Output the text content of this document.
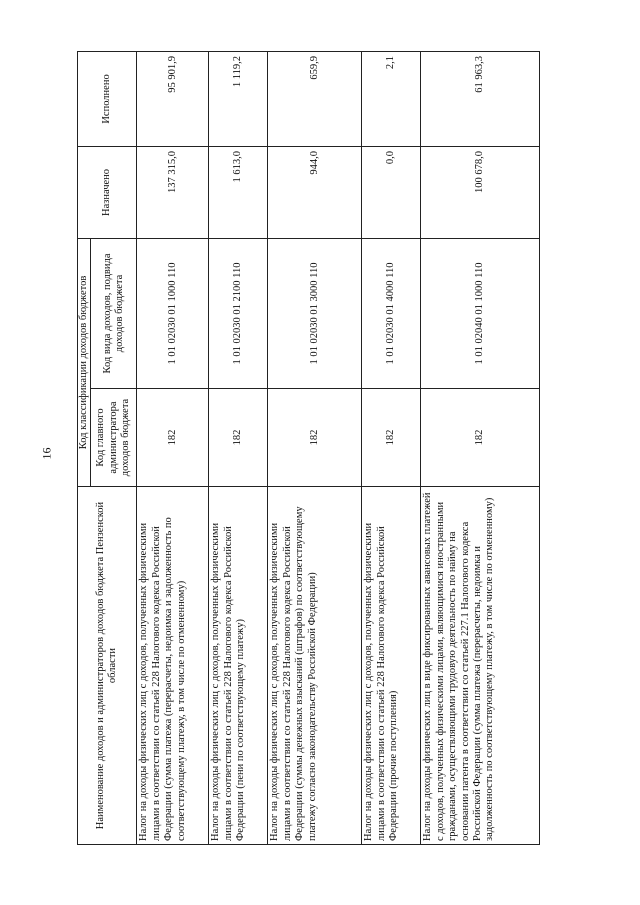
16
Наименование доходов и администраторов доходов бюджета Пензенской области	Код классификации доходов бюджетов		Назначено	Исполнено
	Код главного администратора доходов бюджета	Код вида доходов, подвида доходов бюджета		
Налог на доходы физических лиц с доходов, полученных физическими лицами в соответствии со статьей 228 Налогового кодекса Российской Федерации (сумма платежа (перерасчеты, недоимка и задолженность по соответствующему платежу, в том числе по отмененному)	182	1 01 02030 01 1000 110	137 315,0	95 901,9
Налог на доходы физических лиц с доходов, полученных физическими лицами в соответствии со статьей 228 Налогового кодекса Российской Федерации (пени по соответствующему платежу)	182	1 01 02030 01 2100 110	1 613,0	1 119,2
Налог на доходы физических лиц с доходов, полученных физическими лицами в соответствии со статьей 228 Налогового кодекса Российской Федерации (суммы денежных взысканий (штрафов) по соответствующему платежу согласно законодательству Российской Федерации)	182	1 01 02030 01 3000 110	944,0	659,9
Налог на доходы физических лиц с доходов, полученных физическими лицами в соответствии со статьей 228 Налогового кодекса Российской Федерации (прочие поступления)	182	1 01 02030 01 4000 110	0,0	2,1
Налог на доходы физических лиц в виде фиксированных авансовых платежей с доходов, полученных физическими лицами, являющимися иностранными гражданами, осуществляющими трудовую деятельность по найму на основании патента в соответствии со статьей 227.1 Налогового кодекса Российской Федерации (сумма платежа (перерасчеты, недоимка и задолженность по соответствующему платежу, в том числе по отмененному)	182	1 01 02040 01 1000 110	100 678,0	61 963,3
